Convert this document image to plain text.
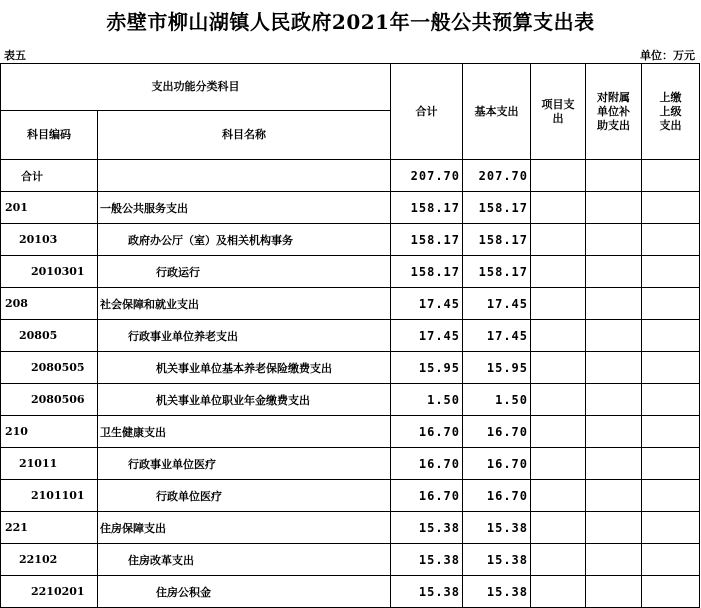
赤壁市柳山湖镇人民政府2021年一般公共预算支出表
表五	单位：万元
支出功能分类科目		合计	基本支出	项目支出	对附属单位补助支出	上缴上级支出
科目编码	科目名称					
合计		207.70	207.70			
201	一般公共服务支出	158.17	158.17			
20103	政府办公厅（室）及相关机构事务	158.17	158.17			
2010301	行政运行	158.17	158.17			
208	社会保障和就业支出	17.45	17.45			
20805	行政事业单位养老支出	17.45	17.45			
2080505	机关事业单位基本养老保险缴费支出	15.95	15.95			
2080506	机关事业单位职业年金缴费支出	1.50	1.50			
210	卫生健康支出	16.70	16.70			
21011	行政事业单位医疗	16.70	16.70			
2101101	行政单位医疗	16.70	16.70			
221	住房保障支出	15.38	15.38			
22102	住房改革支出	15.38	15.38			
2210201	住房公积金	15.38	15.38			
